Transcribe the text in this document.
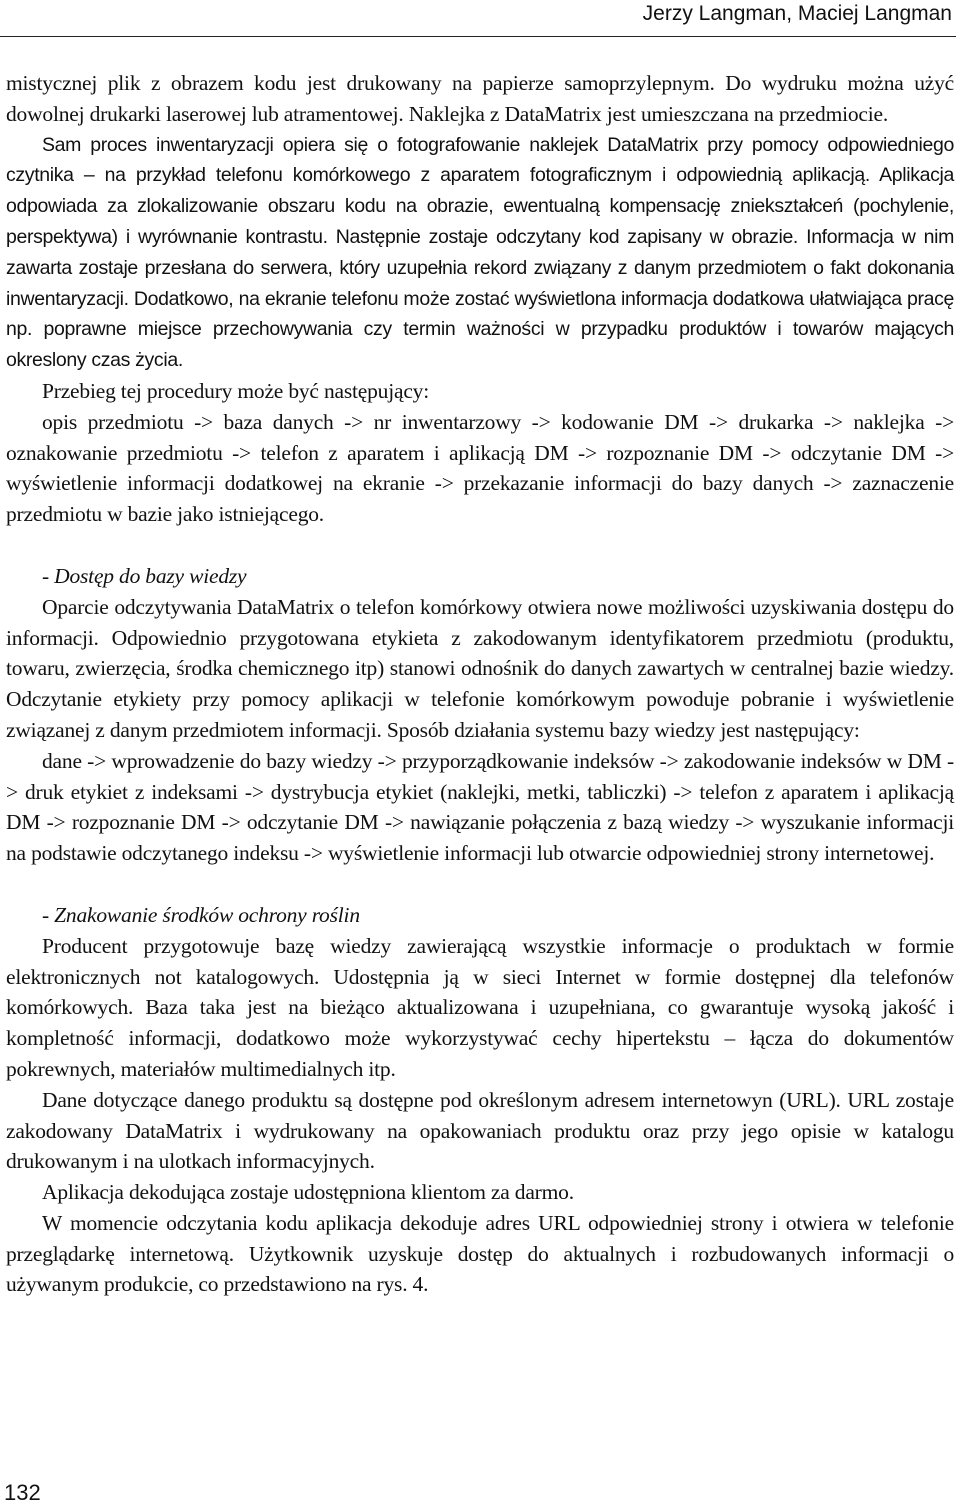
Jerzy Langman, Maciej Langman

mistycznej plik z obrazem kodu jest drukowany na papierze samoprzylepnym. Do wydruku można użyć dowolnej drukarki laserowej lub atramentowej. Naklejka z DataMatrix jest umieszczana na przedmiocie.

Sam proces inwentaryzacji opiera się o fotografowanie naklejek DataMatrix przy pomocy odpowiedniego czytnika – na przykład telefonu komórkowego z aparatem fotograficznym i odpowiednią aplikacją. Aplikacja odpowiada za zlokalizowanie obszaru kodu na obrazie, ewentualną kompensację zniekształceń (pochylenie, perspektywa) i wyrównanie kontrastu. Następnie zostaje odczytany kod zapisany w obrazie. Informacja w nim zawarta zostaje przesłana do serwera, który uzupełnia rekord związany z danym przedmiotem o fakt dokonania inwentaryzacji. Dodatkowo, na ekranie telefonu może zostać wyświetlona informacja dodatkowa ułatwiająca pracę np. poprawne miejsce przechowywania czy termin ważności w przypadku produktów i towarów mających okreslony czas życia.

Przebieg tej procedury może być następujący:

opis przedmiotu -> baza danych -> nr inwentarzowy -> kodowanie DM -> drukarka -> naklejka -> oznakowanie przedmiotu -> telefon z aparatem i aplikacją DM -> rozpoznanie DM -> odczytanie DM -> wyświetlenie informacji dodatkowej na ekranie -> przekazanie informacji do bazy danych -> zaznaczenie przedmiotu w bazie jako istniejącego.

- Dostęp do bazy wiedzy

Oparcie odczytywania DataMatrix o telefon komórkowy otwiera nowe możliwości uzyskiwania dostępu do informacji. Odpowiednio przygotowana etykieta z zakodowanym identyfikatorem przedmiotu (produktu, towaru, zwierzęcia, środka chemicznego itp) stanowi odnośnik do danych zawartych w centralnej bazie wiedzy. Odczytanie etykiety przy pomocy aplikacji w telefonie komórkowym powoduje pobranie i wyświetlenie związanej z danym przedmiotem informacji. Sposób działania systemu bazy wiedzy jest następujący:

dane -> wprowadzenie do bazy wiedzy -> przyporządkowanie indeksów -> zakodowanie indeksów w DM -> druk etykiet z indeksami -> dystrybucja etykiet (naklejki, metki, tabliczki) -> telefon z aparatem i aplikacją DM -> rozpoznanie DM -> odczytanie DM -> nawiązanie połączenia z bazą wiedzy -> wyszukanie informacji na podstawie odczytanego indeksu -> wyświetlenie informacji lub otwarcie odpowiedniej strony internetowej.

- Znakowanie środków ochrony roślin

Producent przygotowuje bazę wiedzy zawierającą wszystkie informacje o produktach w formie elektronicznych not katalogowych. Udostępnia ją w sieci Internet w formie dostępnej dla telefonów komórkowych. Baza taka jest na bieżąco aktualizowana i uzupełniana, co gwarantuje wysoką jakość i kompletność informacji, dodatkowo może wykorzystywać cechy hipertekstu – łącza do dokumentów pokrewnych, materiałów multimedialnych itp.

Dane dotyczące danego produktu są dostępne pod określonym adresem internetowyn (URL). URL zostaje zakodowany DataMatrix i wydrukowany na opakowaniach produktu oraz przy jego opisie w katalogu drukowanym i na ulotkach informacyjnych.

Aplikacja dekodująca zostaje udostępniona klientom za darmo.

W momencie odczytania kodu aplikacja dekoduje adres URL odpowiedniej strony i otwiera w telefonie przeglądarkę internetową. Użytkownik uzyskuje dostęp do aktualnych i rozbudowanych informacji o używanym produkcie, co przedstawiono na rys. 4.

132
